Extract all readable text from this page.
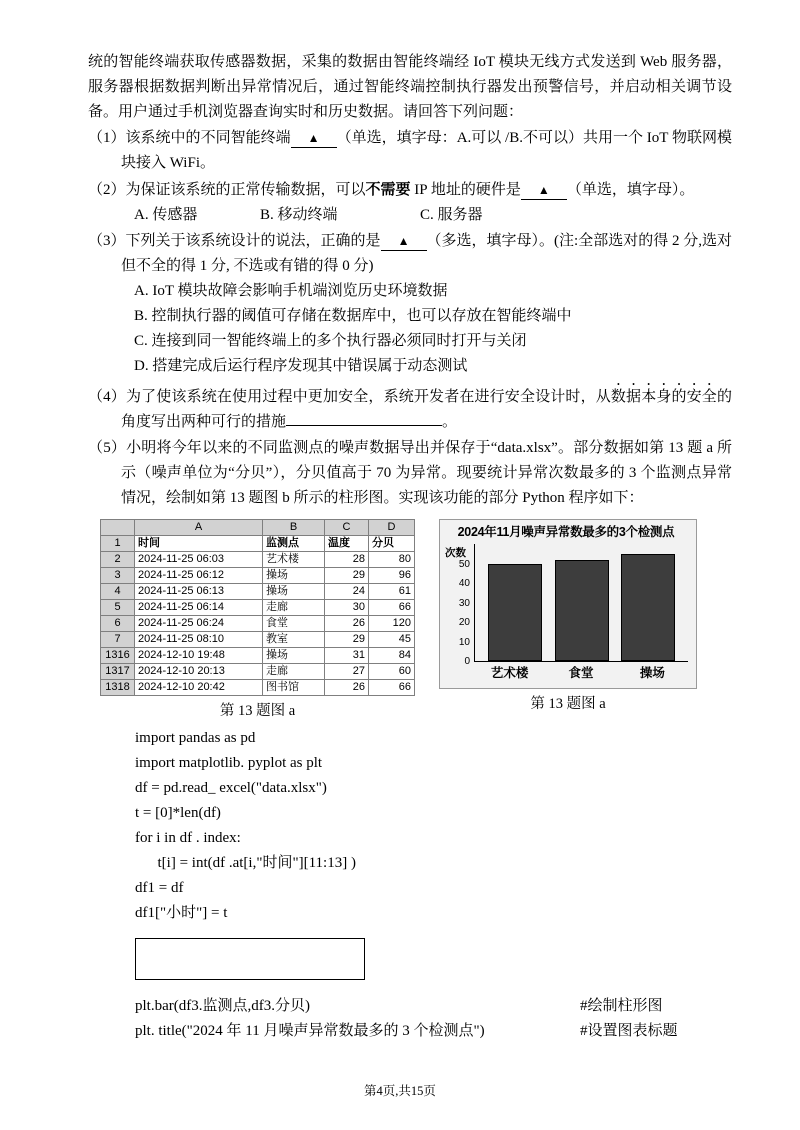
统的智能终端获取传感器数据，采集的数据由智能终端经 IoT 模块无线方式发送到 Web 服务器，服务器根据数据判断出异常情况后，通过智能终端控制执行器发出预警信号，并启动相关调节设备。用户通过手机浏览器查询实时和历史数据。请回答下列问题：

（1）该系统中的不同智能终端 ▲ （单选，填字母：A.可以 /B.不可以）共用一个 IoT 物联网模块接入 WiFi。
（2）为保证该系统的正常传输数据，可以不需要 IP 地址的硬件是 ▲ （单选，填字母）。
A. 传感器	B. 移动终端	C. 服务器
（3）下列关于该系统设计的说法，正确的是 ▲ （多选，填字母）。(注:全部选对的得 2 分,选对但不全的得 1 分, 不选或有错的得 0 分)
A. IoT 模块故障会影响手机端浏览历史环境数据
B. 控制执行器的阈值可存储在数据库中，也可以存放在智能终端中
C. 连接到同一智能终端上的多个执行器必须同时打开与关闭
D. 搭建完成后运行程序发现其中错误属于动态测试
（4）为了使该系统在使用过程中更加安全，系统开发者在进行安全设计时，从数据本身的安全的角度写出两种可行的措施	。
（5）小明将今年以来的不同监测点的噪声数据导出并保存于“data.xlsx”。部分数据如第 13 题 a 所示（噪声单位为“分贝”），分贝值高于 70 为异常。现要统计异常次数最多的 3 个监测点异常情况，绘制如第 13 题图 b 所示的柱形图。实现该功能的部分 Python 程序如下：
	A	B	C	D
1	时间	监测点	温度	分贝
2	2024-11-25 06:03	艺术楼	28	80
3	2024-11-25 06:12	操场	29	96
4	2024-11-25 06:13	操场	24	61
5	2024-11-25 06:14	走廊	30	66
6	2024-11-25 06:24	食堂	26	120
7	2024-11-25 08:10	教室	29	45
1316	2024-12-10 19:48	操场	31	84
1317	2024-12-10 20:13	走廊	27	60
1318	2024-12-10 20:42	图书馆	26	66
第 13 题图 a
2024年11月噪声异常数最多的3个检测点
次数
0
10
20
30
40
50
艺术楼	食堂	操场
第 13 题图 a
import pandas as pd
import matplotlib. pyplot as plt
df = pd.read_ excel("data.xlsx")
t = [0]*len(df)
for i in df . index:
t[i] = int(df .at[i,"时间"][11:13] )
df1 = df
df1["小时"] = t
plt.bar(df3.监测点,df3.分贝)	#绘制柱形图
plt. title("2024 年 11 月噪声异常数最多的 3 个检测点")	#设置图表标题
第4页,共15页
